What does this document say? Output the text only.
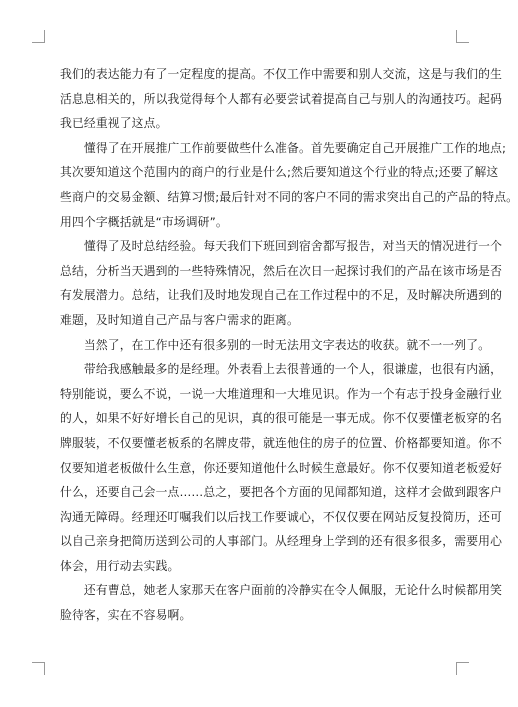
我们的表达能力有了一定程度的提高。不仅工作中需要和别人交流，这是与我们的生
活息息相关的，所以我觉得每个人都有必要尝试着提高自己与别人的沟通技巧。起码
我已经重视了这点。
　　懂得了在开展推广工作前要做些什么准备。首先要确定自己开展推广工作的地点;
其次要知道这个范围内的商户的行业是什么;然后要知道这个行业的特点;还要了解这
些商户的交易金额、结算习惯;最后针对不同的客户不同的需求突出自己的产品的特点。
用四个字概括就是“市场调研”。
　　懂得了及时总结经验。每天我们下班回到宿舍都写报告，对当天的情况进行一个
总结，分析当天遇到的一些特殊情况，然后在次日一起探讨我们的产品在该市场是否
有发展潜力。总结，让我们及时地发现自己在工作过程中的不足，及时解决所遇到的
难题，及时知道自己产品与客户需求的距离。
　　当然了，在工作中还有很多别的一时无法用文字表达的收获。就不一一列了。
　　带给我感触最多的是经理。外表看上去很普通的一个人，很谦虚，也很有内涵，
特别能说，要么不说，一说一大堆道理和一大堆见识。作为一个有志于投身金融行业
的人，如果不好好增长自己的见识，真的很可能是一事无成。你不仅要懂老板穿的名
牌服装，不仅要懂老板系的名牌皮带，就连他住的房子的位置、价格都要知道。你不
仅要知道老板做什么生意，你还要知道他什么时候生意最好。你不仅要知道老板爱好
什么，还要自己会一点……总之，要把各个方面的见闻都知道，这样才会做到跟客户
沟通无障碍。经理还叮嘱我们以后找工作要诚心，不仅仅要在网站反复投简历，还可
以自己亲身把简历送到公司的人事部门。从经理身上学到的还有很多很多，需要用心
体会，用行动去实践。
　　还有曹总，她老人家那天在客户面前的冷静实在令人佩服，无论什么时候都用笑
脸待客，实在不容易啊。
